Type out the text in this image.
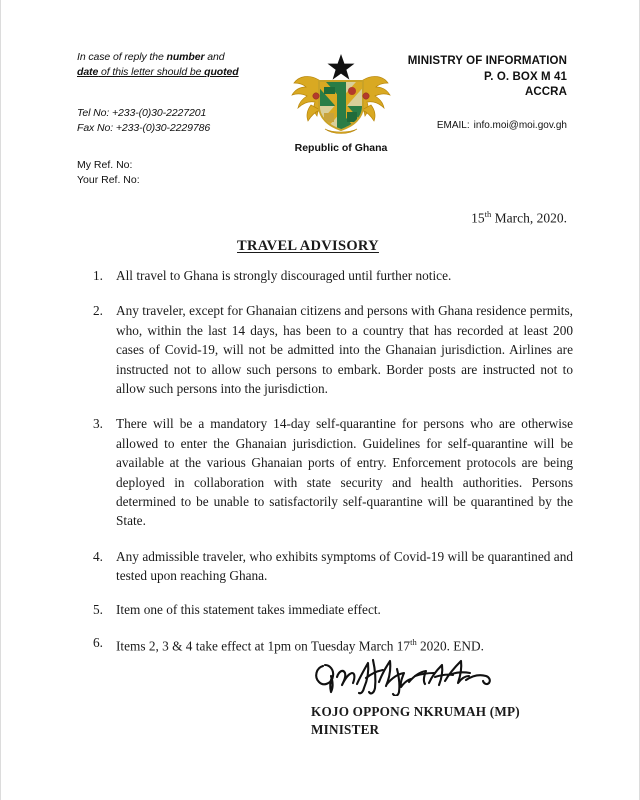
In case of reply the number and
date of this letter should be quoted
Tel No: +233-(0)30-2227201
Fax No: +233-(0)30-2229786
My Ref. No:
Your Ref. No:
Republic of Ghana
MINISTRY OF INFORMATION
P. O. BOX M 41
ACCRA
EMAIL: info.moi@moi.gov.gh
15th March, 2020.
TRAVEL ADVISORY
1. All travel to Ghana is strongly discouraged until further notice.
2. Any traveler, except for Ghanaian citizens and persons with Ghana residence permits, who, within the last 14 days, has been to a country that has recorded at least 200 cases of Covid-19, will not be admitted into the Ghanaian jurisdiction. Airlines are instructed not to allow such persons to embark. Border posts are instructed not to allow such persons into the jurisdiction.
3. There will be a mandatory 14-day self-quarantine for persons who are otherwise allowed to enter the Ghanaian jurisdiction. Guidelines for self-quarantine will be available at the various Ghanaian ports of entry. Enforcement protocols are being deployed in collaboration with state security and health authorities. Persons determined to be unable to satisfactorily self-quarantine will be quarantined by the State.
4. Any admissible traveler, who exhibits symptoms of Covid-19 will be quarantined and tested upon reaching Ghana.
5. Item one of this statement takes immediate effect.
6. Items 2, 3 & 4 take effect at 1pm on Tuesday March 17th 2020. END.
KOJO OPPONG NKRUMAH (MP)
MINISTER
